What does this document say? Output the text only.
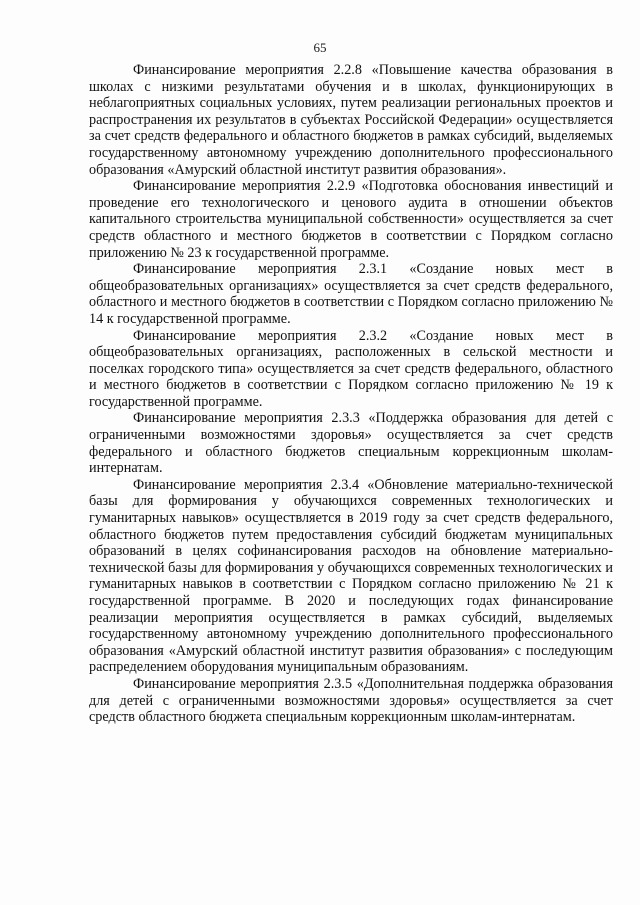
65

Финансирование мероприятия 2.2.8 «Повышение качества образования в школах с низкими результатами обучения и в школах, функционирующих в неблагоприятных социальных условиях, путем реализации региональных проектов и распространения их результатов в субъектах Российской Федерации» осуществляется за счет средств федерального и областного бюджетов в рамках субсидий, выделяемых государственному автономному учреждению дополнительного профессионального образования «Амурский областной институт развития образования».

Финансирование мероприятия 2.2.9 «Подготовка обоснования инвестиций и проведение его технологического и ценового аудита в отношении объектов капитального строительства муниципальной собственности» осуществляется за счет средств областного и местного бюджетов в соответствии с Порядком согласно приложению № 23 к государственной программе.

Финансирование мероприятия 2.3.1 «Создание новых мест в общеобразовательных организациях» осуществляется за счет средств федерального, областного и местного бюджетов в соответствии с Порядком согласно приложению № 14 к государственной программе.

Финансирование мероприятия 2.3.2 «Создание новых мест в общеобразовательных организациях, расположенных в сельской местности и поселках городского типа» осуществляется за счет средств федерального, областного и местного бюджетов в соответствии с Порядком согласно приложению № 19 к государственной программе.

Финансирование мероприятия 2.3.3 «Поддержка образования для детей с ограниченными возможностями здоровья» осуществляется за счет средств федерального и областного бюджетов специальным коррекционным школам-интернатам.

Финансирование мероприятия 2.3.4 «Обновление материально-технической базы для формирования у обучающихся современных технологических и гуманитарных навыков» осуществляется в 2019 году за счет средств федерального, областного бюджетов путем предоставления субсидий бюджетам муниципальных образований в целях софинансирования расходов на обновление материально-технической базы для формирования у обучающихся современных технологических и гуманитарных навыков в соответствии с Порядком согласно приложению № 21 к государственной программе. В 2020 и последующих годах финансирование реализации мероприятия осуществляется в рамках субсидий, выделяемых государственному автономному учреждению дополнительного профессионального образования «Амурский областной институт развития образования» с последующим распределением оборудования муниципальным образованиям.

Финансирование мероприятия 2.3.5 «Дополнительная поддержка образования для детей с ограниченными возможностями здоровья» осуществляется за счет средств областного бюджета специальным коррекционным школам-интернатам.
